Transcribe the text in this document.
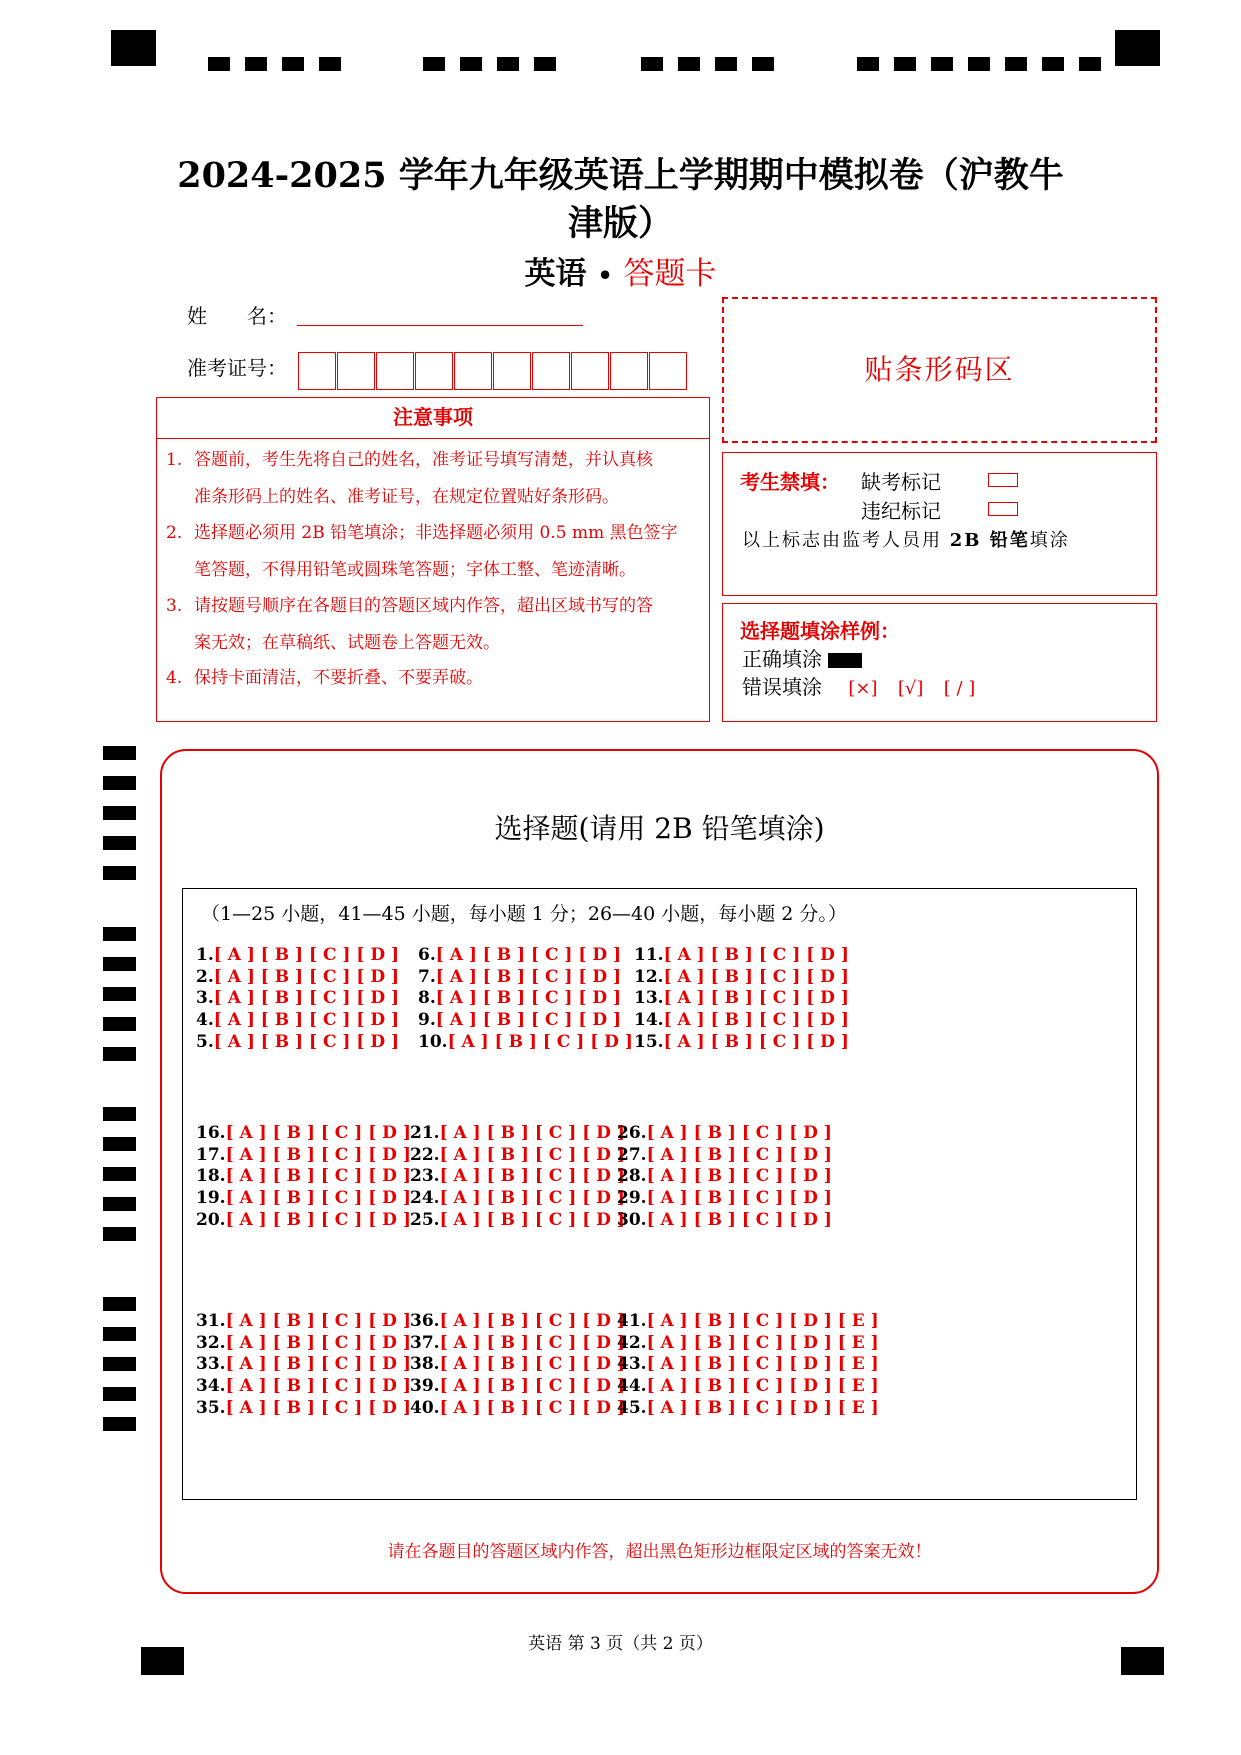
2024-2025 学年九年级英语上学期期中模拟卷（沪教牛
津版）
英语 • 答题卡
姓　　名：
准考证号：	贴条形码区
注意事项
1. 答题前，考生先将自己的姓名，准考证号填写清楚，并认真核
准条形码上的姓名、准考证号，在规定位置贴好条形码。
2. 选择题必须用 2B 铅笔填涂；非选择题必须用 0.5 mm 黑色签字
笔答题，不得用铅笔或圆珠笔答题；字体工整、笔迹清晰。
3. 请按题号顺序在各题目的答题区域内作答，超出区域书写的答
案无效；在草稿纸、试题卷上答题无效。
4. 保持卡面清洁，不要折叠、不要弄破。
考生禁填： 缺考标记
违纪标记
以上标志由监考人员用 2B 铅笔填涂
选择题填涂样例：
正确填涂
错误填涂 [×] [√] [ / ]
选择题(请用 2B 铅笔填涂)
（1—25 小题，41—45 小题，每小题 1 分；26—40 小题，每小题 2 分。）
1.[ A ] [ B ] [ C ] [ D ]
2.[ A ] [ B ] [ C ] [ D ]
3.[ A ] [ B ] [ C ] [ D ]
4.[ A ] [ B ] [ C ] [ D ]
5.[ A ] [ B ] [ C ] [ D ]
6.[ A ] [ B ] [ C ] [ D ]
7.[ A ] [ B ] [ C ] [ D ]
8.[ A ] [ B ] [ C ] [ D ]
9.[ A ] [ B ] [ C ] [ D ]
10.[ A ] [ B ] [ C ] [ D ]
11.[ A ] [ B ] [ C ] [ D ]
12.[ A ] [ B ] [ C ] [ D ]
13.[ A ] [ B ] [ C ] [ D ]
14.[ A ] [ B ] [ C ] [ D ]
15.[ A ] [ B ] [ C ] [ D ]
16.[ A ] [ B ] [ C ] [ D ]
17.[ A ] [ B ] [ C ] [ D ]
18.[ A ] [ B ] [ C ] [ D ]
19.[ A ] [ B ] [ C ] [ D ]
20.[ A ] [ B ] [ C ] [ D ]
21.[ A ] [ B ] [ C ] [ D ]
22.[ A ] [ B ] [ C ] [ D ]
23.[ A ] [ B ] [ C ] [ D ]
24.[ A ] [ B ] [ C ] [ D ]
25.[ A ] [ B ] [ C ] [ D ]
26.[ A ] [ B ] [ C ] [ D ]
27.[ A ] [ B ] [ C ] [ D ]
28.[ A ] [ B ] [ C ] [ D ]
29.[ A ] [ B ] [ C ] [ D ]
30.[ A ] [ B ] [ C ] [ D ]
31.[ A ] [ B ] [ C ] [ D ]
32.[ A ] [ B ] [ C ] [ D ]
33.[ A ] [ B ] [ C ] [ D ]
34.[ A ] [ B ] [ C ] [ D ]
35.[ A ] [ B ] [ C ] [ D ]
36.[ A ] [ B ] [ C ] [ D ]
37.[ A ] [ B ] [ C ] [ D ]
38.[ A ] [ B ] [ C ] [ D ]
39.[ A ] [ B ] [ C ] [ D ]
40.[ A ] [ B ] [ C ] [ D ]
41.[ A ] [ B ] [ C ] [ D ] [ E ]
42.[ A ] [ B ] [ C ] [ D ] [ E ]
43.[ A ] [ B ] [ C ] [ D ] [ E ]
44.[ A ] [ B ] [ C ] [ D ] [ E ]
45.[ A ] [ B ] [ C ] [ D ] [ E ]
请在各题目的答题区域内作答，超出黑色矩形边框限定区域的答案无效！
英语 第 3 页（共 2 页）
